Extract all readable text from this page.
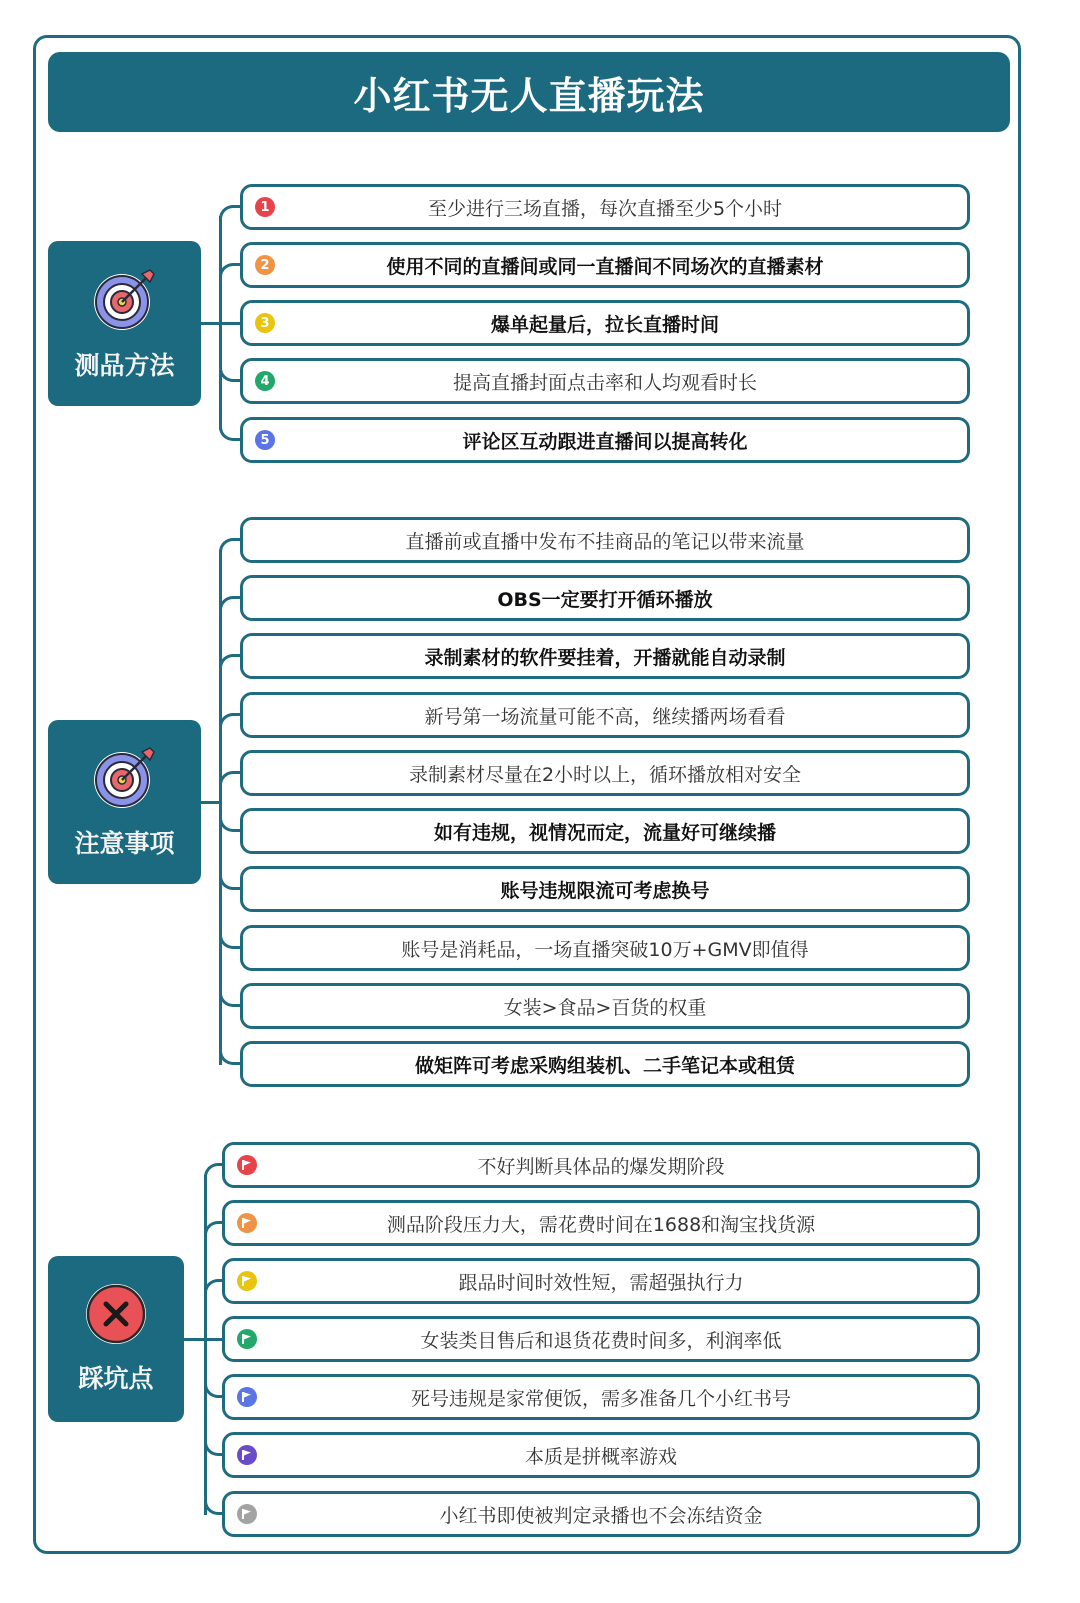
小红书无人直播玩法
测品方法
1	至少进行三场直播，每次直播至少5个小时
2	使用不同的直播间或同一直播间不同场次的直播素材
3	爆单起量后，拉长直播时间
4	提高直播封面点击率和人均观看时长
5	评论区互动跟进直播间以提高转化
注意事项
直播前或直播中发布不挂商品的笔记以带来流量
OBS一定要打开循环播放
录制素材的软件要挂着，开播就能自动录制
新号第一场流量可能不高，继续播两场看看
录制素材尽量在2小时以上，循环播放相对安全
如有违规，视情况而定，流量好可继续播
账号违规限流可考虑换号
账号是消耗品，一场直播突破10万+GMV即值得
女装>食品>百货的权重
做矩阵可考虑采购组装机、二手笔记本或租赁
踩坑点
不好判断具体品的爆发期阶段
测品阶段压力大，需花费时间在1688和淘宝找货源
跟品时间时效性短，需超强执行力
女装类目售后和退货花费时间多，利润率低
死号违规是家常便饭，需多准备几个小红书号
本质是拼概率游戏
小红书即使被判定录播也不会冻结资金
